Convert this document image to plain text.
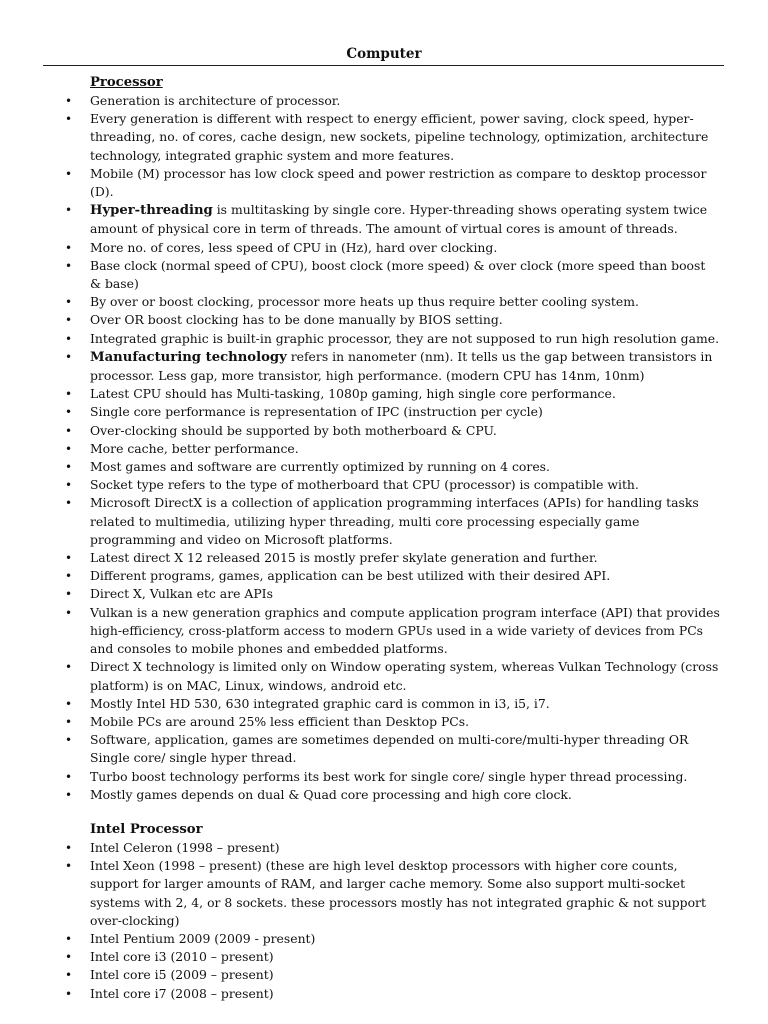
Computer
Processor
• Generation is architecture of processor.
• Every generation is different with respect to energy efficient, power saving, clock speed, hyper-threading, no. of cores, cache design, new sockets, pipeline technology, optimization, architecture technology, integrated graphic system and more features.
• Mobile (M) processor has low clock speed and power restriction as compare to desktop processor (D).
• Hyper-threading is multitasking by single core. Hyper-threading shows operating system twice amount of physical core in term of threads. The amount of virtual cores is amount of threads.
• More no. of cores, less speed of CPU in (Hz), hard over clocking.
• Base clock (normal speed of CPU), boost clock (more speed) & over clock (more speed than boost & base)
• By over or boost clocking, processor more heats up thus require better cooling system.
• Over OR boost clocking has to be done manually by BIOS setting.
• Integrated graphic is built-in graphic processor, they are not supposed to run high resolution game.
• Manufacturing technology refers in nanometer (nm). It tells us the gap between transistors in processor. Less gap, more transistor, high performance. (modern CPU has 14nm, 10nm)
• Latest CPU should has Multi-tasking, 1080p gaming, high single core performance.
• Single core performance is representation of IPC (instruction per cycle)
• Over-clocking should be supported by both motherboard & CPU.
• More cache, better performance.
• Most games and software are currently optimized by running on 4 cores.
• Socket type refers to the type of motherboard that CPU (processor) is compatible with.
• Microsoft DirectX is a collection of application programming interfaces (APIs) for handling tasks related to multimedia, utilizing hyper threading, multi core processing especially game programming and video on Microsoft platforms.
• Latest direct X 12 released 2015 is mostly prefer skylate generation and further.
• Different programs, games, application can be best utilized with their desired API.
• Direct X, Vulkan etc are APIs
• Vulkan is a new generation graphics and compute application program interface (API) that provides high-efficiency, cross-platform access to modern GPUs used in a wide variety of devices from PCs and consoles to mobile phones and embedded platforms.
• Direct X technology is limited only on Window operating system, whereas Vulkan Technology (cross platform) is on MAC, Linux, windows, android etc.
• Mostly Intel HD 530, 630 integrated graphic card is common in i3, i5, i7.
• Mobile PCs are around 25% less efficient than Desktop PCs.
• Software, application, games are sometimes depended on multi-core/multi-hyper threading OR Single core/ single hyper thread.
• Turbo boost technology performs its best work for single core/ single hyper thread processing.
• Mostly games depends on dual & Quad core processing and high core clock.
Intel Processor
• Intel Celeron (1998 – present)
• Intel Xeon (1998 – present) (these are high level desktop processors with higher core counts, support for larger amounts of RAM, and larger cache memory. Some also support multi-socket systems with 2, 4, or 8 sockets. these processors mostly has not integrated graphic & not support over-clocking)
• Intel Pentium 2009 (2009 - present)
• Intel core i3 (2010 – present)
• Intel core i5 (2009 – present)
• Intel core i7 (2008 – present)
